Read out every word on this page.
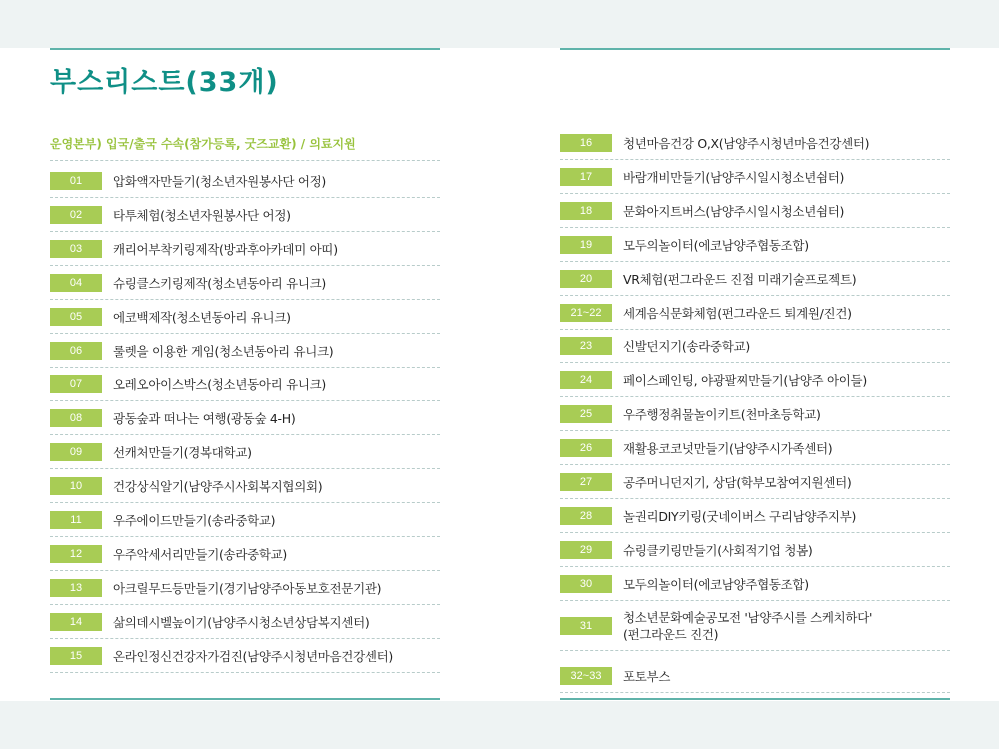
부스리스트(33개)
운영본부) 입국/출국 수속(참가등록, 굿즈교환) / 의료지원
01	압화액자만들기(청소년자원봉사단 어정)
02	타투체험(청소년자원봉사단 어정)
03	캐리어부착키링제작(방과후아카데미 아띠)
04	슈링클스키링제작(청소년동아리 유니크)
05	에코백제작(청소년동아리 유니크)
06	룰렛을 이용한 게임(청소년동아리 유니크)
07	오레오아이스박스(청소년동아리 유니크)
08	광동숲과 떠나는 여행(광동숲 4-H)
09	선캐처만들기(경복대학교)
10	건강상식알기(남양주시사회복지협의회)
11	우주에이드만들기(송라중학교)
12	우주악세서리만들기(송라중학교)
13	아크릴무드등만들기(경기남양주아동보호전문기관)
14	삶의데시벨높이기(남양주시청소년상담복지센터)
15	온라인정신건강자가검진(남양주시청년마음건강센터)
16	청년마음건강 O,X(남양주시청년마음건강센터)
17	바람개비만들기(남양주시일시청소년쉼터)
18	문화아지트버스(남양주시일시청소년쉼터)
19	모두의놀이터(에코남양주협동조합)
20	VR체험(펀그라운드 진접 미래기술프로젝트)
21~22	세계음식문화체험(펀그라운드 퇴계원/진건)
23	신발던지기(송라중학교)
24	페이스페인팅, 야광팔찌만들기(남양주 아이들)
25	우주행정취물놀이키트(천마초등학교)
26	재활용코코넛만들기(남양주시가족센터)
27	공주머니던지기, 상담(학부모참여지원센터)
28	놀권리DIY키링(굿네이버스 구리남양주지부)
29	슈링클키링만들기(사회적기업 청봄)
30	모두의놀이터(에코남양주협동조합)
31
청소년문화예술공모전 '남양주시를 스케치하다'
(펀그라운드 진건)
32~33	포토부스
